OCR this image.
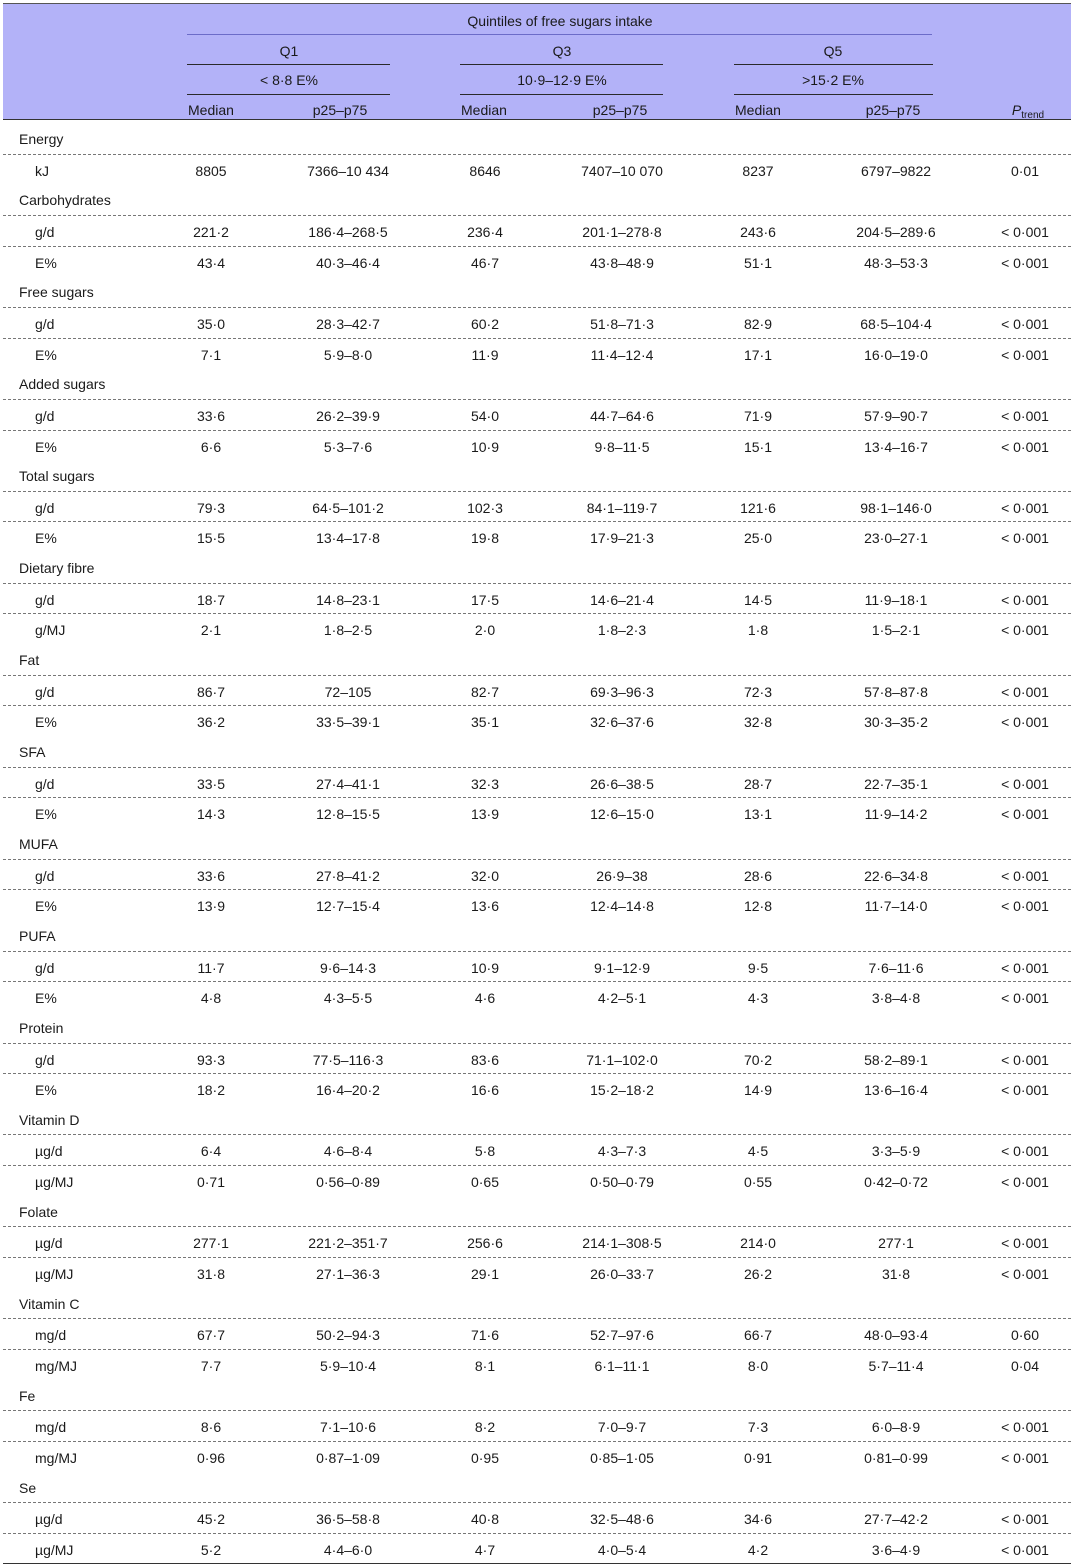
Quintiles of free sugars intake
Q1	Q3	Q5
< 8·8 E%	10·9–12·9 E%	>15·2 E%
Median	p25–p75	Median	p25–p75	Median	p25–p75	$P_{trend}$
Energy
kJ	8805	7366–10 434	8646	7407–10 070	8237	6797–9822	0·01
Carbohydrates
g/d	221·2	186·4–268·5	236·4	201·1–278·8	243·6	204·5–289·6	< 0·001
E%	43·4	40·3–46·4	46·7	43·8–48·9	51·1	48·3–53·3	< 0·001
Free sugars
g/d	35·0	28·3–42·7	60·2	51·8–71·3	82·9	68·5–104·4	< 0·001
E%	7·1	5·9–8·0	11·9	11·4–12·4	17·1	16·0–19·0	< 0·001
Added sugars
g/d	33·6	26·2–39·9	54·0	44·7–64·6	71·9	57·9–90·7	< 0·001
E%	6·6	5·3–7·6	10·9	9·8–11·5	15·1	13·4–16·7	< 0·001
Total sugars
g/d	79·3	64·5–101·2	102·3	84·1–119·7	121·6	98·1–146·0	< 0·001
E%	15·5	13·4–17·8	19·8	17·9–21·3	25·0	23·0–27·1	< 0·001
Dietary fibre
g/d	18·7	14·8–23·1	17·5	14·6–21·4	14·5	11·9–18·1	< 0·001
g/MJ	2·1	1·8–2·5	2·0	1·8–2·3	1·8	1·5–2·1	< 0·001
Fat
g/d	86·7	72–105	82·7	69·3–96·3	72·3	57·8–87·8	< 0·001
E%	36·2	33·5–39·1	35·1	32·6–37·6	32·8	30·3–35·2	< 0·001
SFA
g/d	33·5	27·4–41·1	32·3	26·6–38·5	28·7	22·7–35·1	< 0·001
E%	14·3	12·8–15·5	13·9	12·6–15·0	13·1	11·9–14·2	< 0·001
MUFA
g/d	33·6	27·8–41·2	32·0	26·9–38	28·6	22·6–34·8	< 0·001
E%	13·9	12·7–15·4	13·6	12·4–14·8	12·8	11·7–14·0	< 0·001
PUFA
g/d	11·7	9·6–14·3	10·9	9·1–12·9	9·5	7·6–11·6	< 0·001
E%	4·8	4·3–5·5	4·6	4·2–5·1	4·3	3·8–4·8	< 0·001
Protein
g/d	93·3	77·5–116·3	83·6	71·1–102·0	70·2	58·2–89·1	< 0·001
E%	18·2	16·4–20·2	16·6	15·2–18·2	14·9	13·6–16·4	< 0·001
Vitamin D
µg/d	6·4	4·6–8·4	5·8	4·3–7·3	4·5	3·3–5·9	< 0·001
µg/MJ	0·71	0·56–0·89	0·65	0·50–0·79	0·55	0·42–0·72	< 0·001
Folate
µg/d	277·1	221·2–351·7	256·6	214·1–308·5	214·0	277·1	< 0·001
µg/MJ	31·8	27·1–36·3	29·1	26·0–33·7	26·2	31·8	< 0·001
Vitamin C
mg/d	67·7	50·2–94·3	71·6	52·7–97·6	66·7	48·0–93·4	0·60
mg/MJ	7·7	5·9–10·4	8·1	6·1–11·1	8·0	5·7–11·4	0·04
Fe
mg/d	8·6	7·1–10·6	8·2	7·0–9·7	7·3	6·0–8·9	< 0·001
mg/MJ	0·96	0·87–1·09	0·95	0·85–1·05	0·91	0·81–0·99	< 0·001
Se
µg/d	45·2	36·5–58·8	40·8	32·5–48·6	34·6	27·7–42·2	< 0·001
µg/MJ	5·2	4·4–6·0	4·7	4·0–5·4	4·2	3·6–4·9	< 0·001
